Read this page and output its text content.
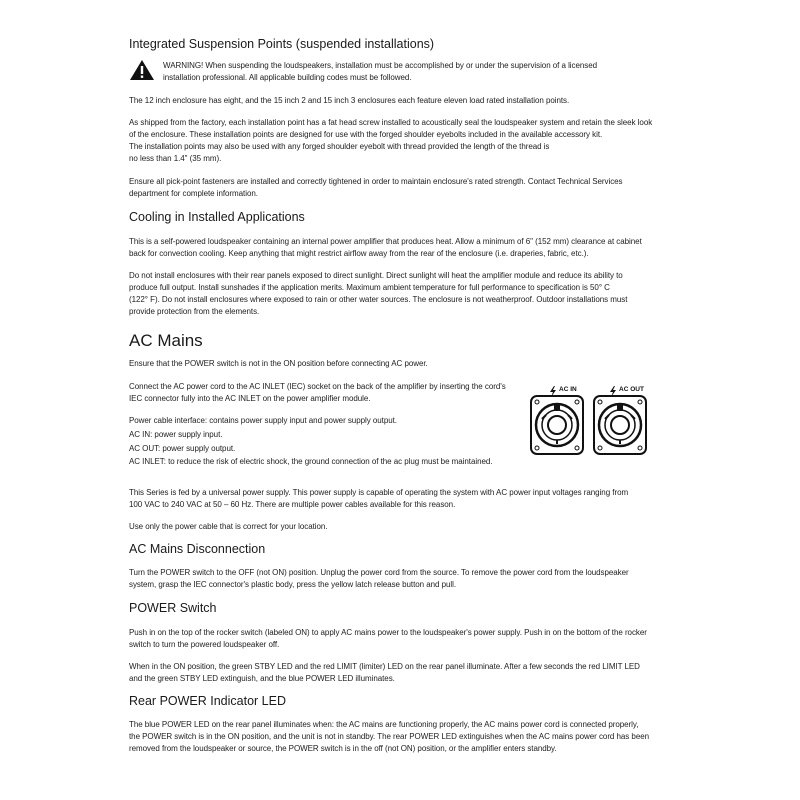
Integrated Suspension Points (suspended installations)
WARNING! When suspending the loudspeakers, installation must be accomplished by or under the supervision of a licensed
installation professional. All applicable building codes must be followed.
The 12 inch enclosure has eight, and the 15 inch 2 and 15 inch 3 enclosures each feature eleven load rated installation points.
As shipped from the factory, each installation point has a fat head screw installed to acoustically seal the loudspeaker system and retain the sleek look
of the enclosure. These installation points are designed for use with the forged shoulder eyebolts included in the available accessory kit.
The installation points may also be used with any forged shoulder eyebolt with thread provided the length of the thread is
no less than 1.4" (35 mm).
Ensure all pick-point fasteners are installed and correctly tightened in order to maintain enclosure's rated strength. Contact Technical Services
department for complete information.
Cooling in Installed Applications
This is a self-powered loudspeaker containing an internal power amplifier that produces heat. Allow a minimum of 6" (152 mm) clearance at cabinet
back for convection cooling. Keep anything that might restrict airflow away from the rear of the enclosure (i.e. draperies, fabric, etc.).
Do not install enclosures with their rear panels exposed to direct sunlight. Direct sunlight will heat the amplifier module and reduce its ability to
produce full output. Install sunshades if the application merits. Maximum ambient temperature for full performance to specification is 50° C
(122° F). Do not install enclosures where exposed to rain or other water sources. The enclosure is not weatherproof. Outdoor installations must
provide protection from the elements.
AC Mains
Ensure that the POWER switch is not in the ON position before connecting AC power.
Connect the AC power cord to the AC INLET (IEC) socket on the back of the amplifier by inserting the cord's
IEC connector fully into the AC INLET on the power amplifier module.
Power cable interface: contains power supply input and power supply output.
AC IN: power supply input.
AC OUT: power supply output.
AC INLET: to reduce the risk of electric shock, the ground connection of the ac plug must be maintained.
AC IN	AC OUT
This Series is fed by a universal power supply. This power supply is capable of operating the system with AC power input voltages ranging from
100 VAC to 240 VAC at 50 – 60 Hz. There are multiple power cables available for this reason.
Use only the power cable that is correct for your location.
AC Mains Disconnection
Turn the POWER switch to the OFF (not ON) position. Unplug the power cord from the source. To remove the power cord from the loudspeaker
system, grasp the IEC connector's plastic body, press the yellow latch release button and pull.
POWER Switch
Push in on the top of the rocker switch (labeled ON) to apply AC mains power to the loudspeaker's power supply. Push in on the bottom of the rocker
switch to turn the powered loudspeaker off.
When in the ON position, the green STBY LED and the red LIMIT (limiter) LED on the rear panel illuminate. After a few seconds the red LIMIT LED
and the green STBY LED extinguish, and the blue POWER LED illuminates.
Rear POWER Indicator LED
The blue POWER LED on the rear panel illuminates when: the AC mains are functioning properly, the AC mains power cord is connected properly,
the POWER switch is in the ON position, and the unit is not in standby. The rear POWER LED extinguishes when the AC mains power cord has been
removed from the loudspeaker or source, the POWER switch is in the off (not ON) position, or the amplifier enters standby.
